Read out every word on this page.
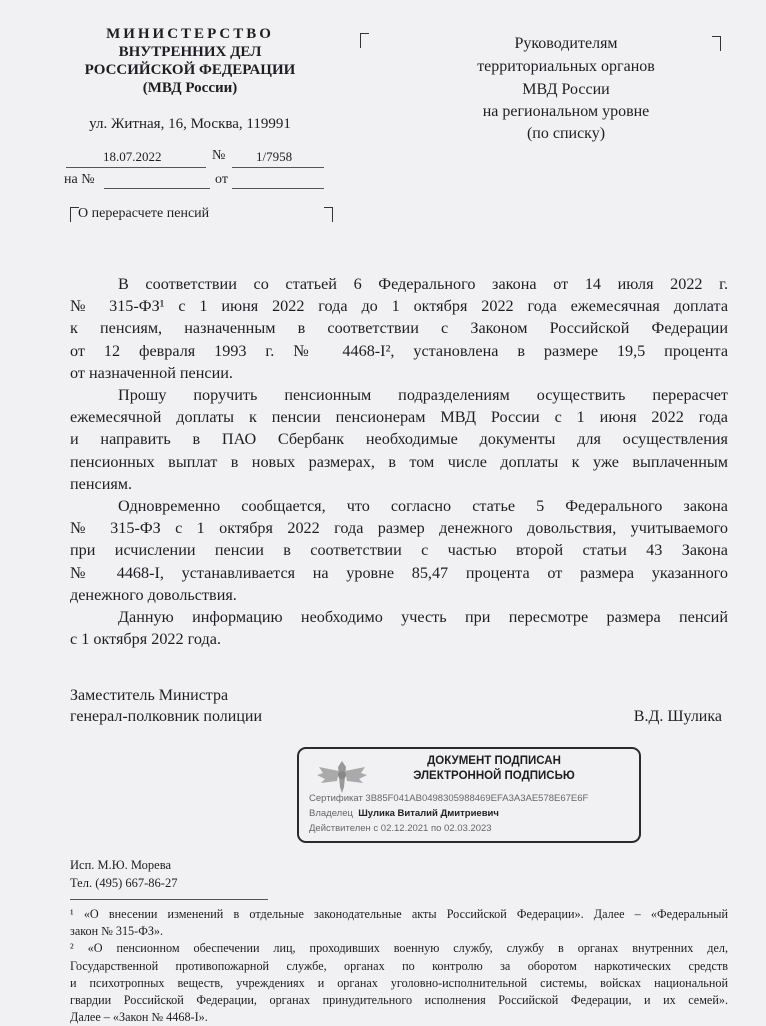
МИНИСТЕРСТВО
ВНУТРЕННИХ ДЕЛ
РОССИЙСКОЙ ФЕДЕРАЦИИ
(МВД России)
ул. Житная, 16, Москва, 119991
18.07.2022	№ 1/7958
на №	от
О перерасчете пенсий
Руководителям
территориальных органов
МВД России
на региональном уровне
(по списку)
В соответствии со статьей 6 Федерального закона от 14 июля 2022 г.
№ 315-ФЗ¹ с 1 июня 2022 года до 1 октября 2022 года ежемесячная доплата
к пенсиям, назначенным в соответствии с Законом Российской Федерации
от 12 февраля 1993 г. № 4468-I², установлена в размере 19,5 процента
от назначенной пенсии.
Прошу поручить пенсионным подразделениям осуществить перерасчет
ежемесячной доплаты к пенсии пенсионерам МВД России с 1 июня 2022 года
и направить в ПАО Сбербанк необходимые документы для осуществления
пенсионных выплат в новых размерах, в том числе доплаты к уже выплаченным
пенсиям.
Одновременно сообщается, что согласно статье 5 Федерального закона
№ 315-ФЗ с 1 октября 2022 года размер денежного довольствия, учитываемого
при исчислении пенсии в соответствии с частью второй статьи 43 Закона
№ 4468-I, устанавливается на уровне 85,47 процента от размера указанного
денежного довольствия.
Данную информацию необходимо учесть при пересмотре размера пенсий
с 1 октября 2022 года.
Заместитель Министра
генерал-полковник полиции	В.Д. Шулика
ДОКУМЕНТ ПОДПИСАН
ЭЛЕКТРОННОЙ ПОДПИСЬЮ
Сертификат 3B85F041AB0498305988469EFA3A3AE578E67E6F
Владелец Шулика Виталий Дмитриевич
Действителен с 02.12.2021 по 02.03.2023
Исп. М.Ю. Морева
Тел. (495) 667-86-27
¹ «О внесении изменений в отдельные законодательные акты Российской Федерации». Далее – «Федеральный
закон № 315-ФЗ».
² «О пенсионном обеспечении лиц, проходивших военную службу, службу в органах внутренних дел,
Государственной противопожарной службе, органах по контролю за оборотом наркотических средств
и психотропных веществ, учреждениях и органах уголовно-исполнительной системы, войсках национальной
гвардии Российской Федерации, органах принудительного исполнения Российской Федерации, и их семей».
Далее – «Закон № 4468-I».
